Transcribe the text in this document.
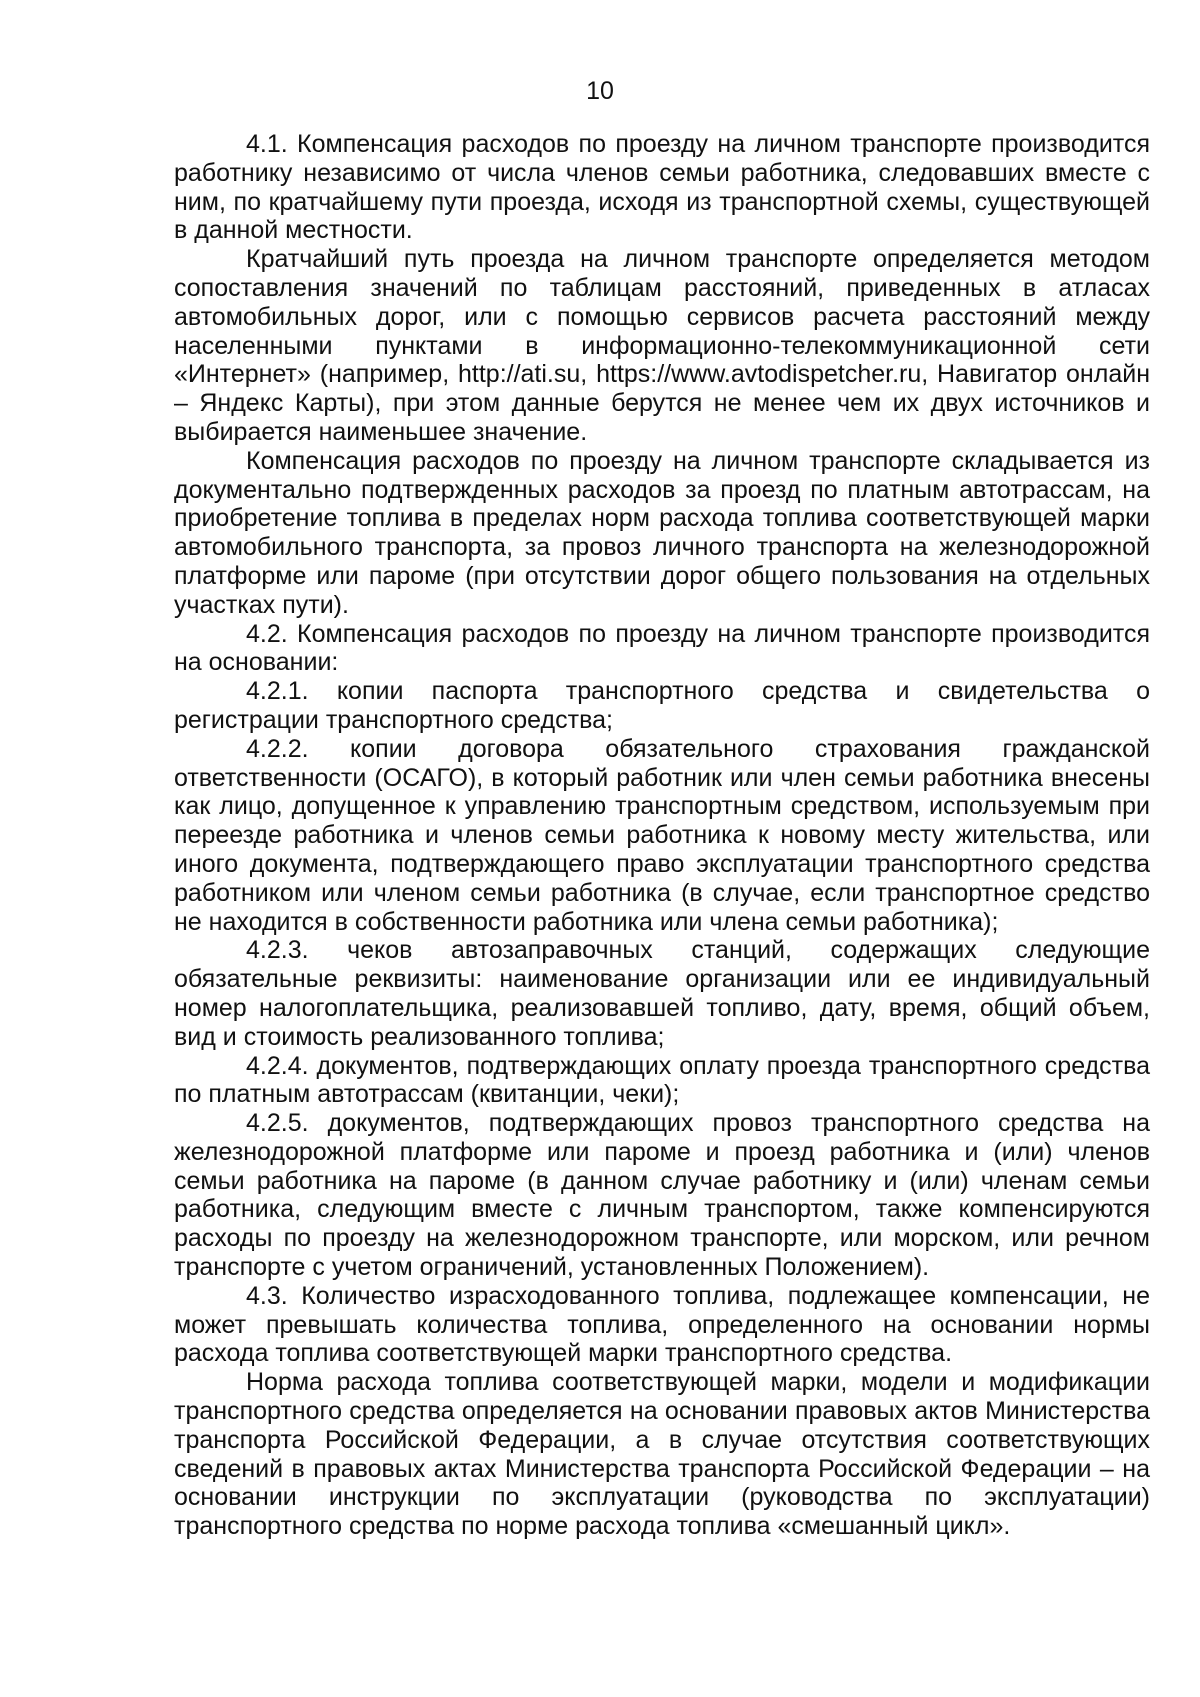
10

4.1. Компенсация расходов по проезду на личном транспорте производится работнику независимо от числа членов семьи работника, следовавших вместе с ним, по кратчайшему пути проезда, исходя из транспортной схемы, существующей в данной местности.

Кратчайший путь проезда на личном транспорте определяется методом сопоставления значений по таблицам расстояний, приведенных в атласах автомобильных дорог, или с помощью сервисов расчета расстояний между населенными пунктами в информационно-телекоммуникационной сети «Интернет» (например, http://ati.su, https://www.avtodispetcher.ru, Навигатор онлайн – Яндекс Карты), при этом данные берутся не менее чем их двух источников и выбирается наименьшее значение.

Компенсация расходов по проезду на личном транспорте складывается из документально подтвержденных расходов за проезд по платным автотрассам, на приобретение топлива в пределах норм расхода топлива соответствующей марки автомобильного транспорта, за провоз личного транспорта на железнодорожной платформе или пароме (при отсутствии дорог общего пользования на отдельных участках пути).

4.2. Компенсация расходов по проезду на личном транспорте производится на основании:

4.2.1. копии паспорта транспортного средства и свидетельства о регистрации транспортного средства;

4.2.2. копии договора обязательного страхования гражданской ответственности (ОСАГО), в который работник или член семьи работника внесены как лицо, допущенное к управлению транспортным средством, используемым при переезде работника и членов семьи работника к новому месту жительства, или иного документа, подтверждающего право эксплуатации транспортного средства работником или членом семьи работника (в случае, если транспортное средство не находится в собственности работника или члена семьи работника);

4.2.3. чеков автозаправочных станций, содержащих следующие обязательные реквизиты: наименование организации или ее индивидуальный номер налогоплательщика, реализовавшей топливо, дату, время, общий объем, вид и стоимость реализованного топлива;

4.2.4. документов, подтверждающих оплату проезда транспортного средства по платным автотрассам (квитанции, чеки);

4.2.5. документов, подтверждающих провоз транспортного средства на железнодорожной платформе или пароме и проезд работника и (или) членов семьи работника на пароме (в данном случае работнику и (или) членам семьи работника, следующим вместе с личным транспортом, также компенсируются расходы по проезду на железнодорожном транспорте, или морском, или речном транспорте с учетом ограничений, установленных Положением).

4.3. Количество израсходованного топлива, подлежащее компенсации, не может превышать количества топлива, определенного на основании нормы расхода топлива соответствующей марки транспортного средства.

Норма расхода топлива соответствующей марки, модели и модификации транспортного средства определяется на основании правовых актов Министерства транспорта Российской Федерации, а в случае отсутствия соответствующих сведений в правовых актах Министерства транспорта Российской Федерации – на основании инструкции по эксплуатации (руководства по эксплуатации) транспортного средства по норме расхода топлива «смешанный цикл».
